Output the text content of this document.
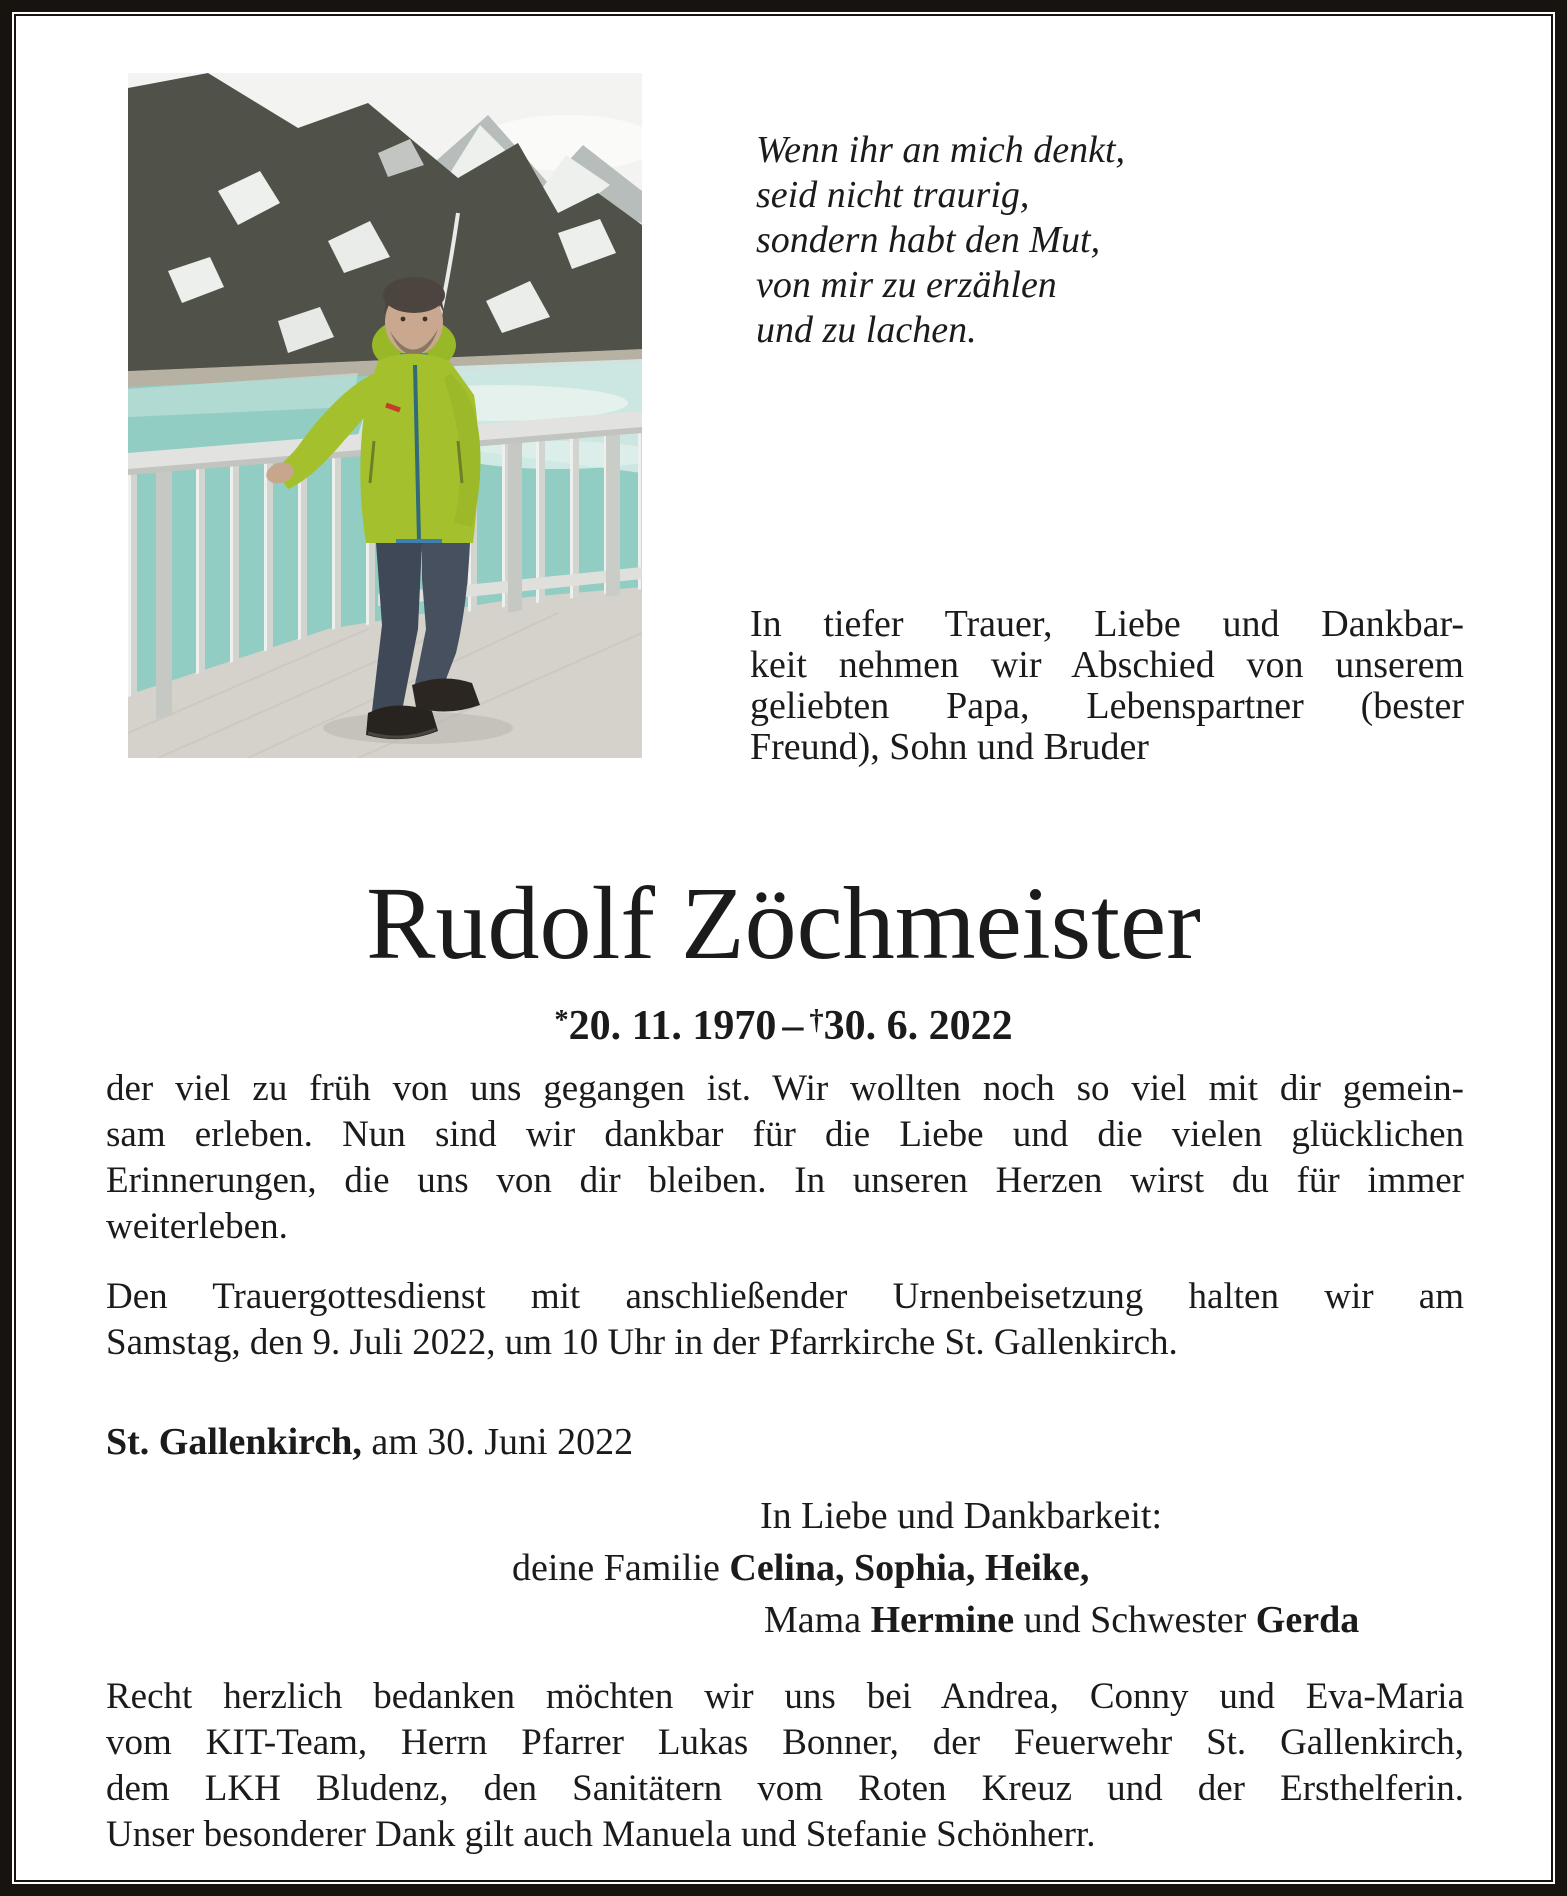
Wenn ihr an mich denkt,
seid nicht traurig,
sondern habt den Mut,
von mir zu erzählen
und zu lachen.
In tiefer Trauer, Liebe und Dankbar-
keit nehmen wir Abschied von unserem
geliebten Papa, Lebenspartner (bester
Freund), Sohn und Bruder
Rudolf Zöchmeister
*20. 11. 1970 – †30. 6. 2022
der viel zu früh von uns gegangen ist. Wir wollten noch so viel mit dir gemein-
sam erleben. Nun sind wir dankbar für die Liebe und die vielen glücklichen
Erinnerungen, die uns von dir bleiben. In unseren Herzen wirst du für immer
weiterleben.
Den Trauergottesdienst mit anschließender Urnenbeisetzung halten wir am
Samstag, den 9. Juli 2022, um 10 Uhr in der Pfarrkirche St. Gallenkirch.
St. Gallenkirch, am 30. Juni 2022
In Liebe und Dankbarkeit:
deine Familie Celina, Sophia, Heike,
Mama Hermine und Schwester Gerda
Recht herzlich bedanken möchten wir uns bei Andrea, Conny und Eva-Maria
vom KIT-Team, Herrn Pfarrer Lukas Bonner, der Feuerwehr St. Gallenkirch,
dem LKH Bludenz, den Sanitätern vom Roten Kreuz und der Ersthelferin.
Unser besonderer Dank gilt auch Manuela und Stefanie Schönherr.
